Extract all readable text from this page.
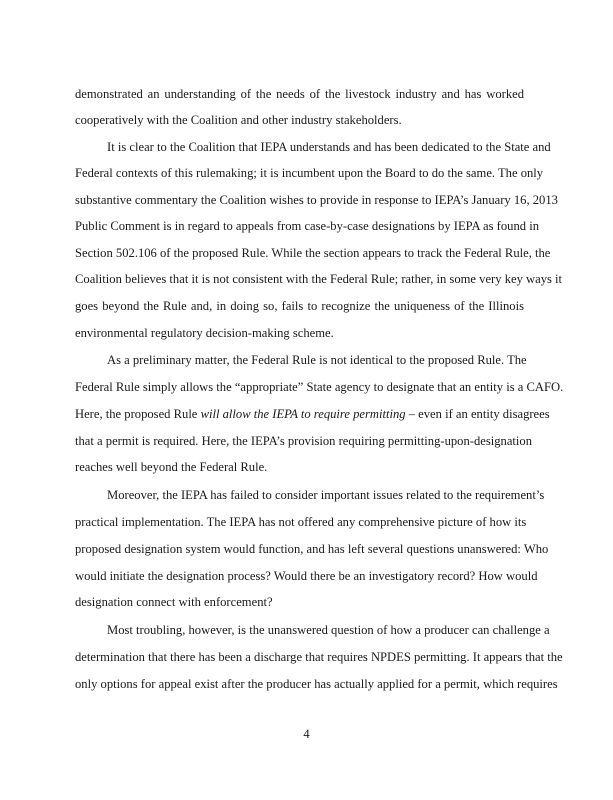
demonstrated an understanding of the needs of the livestock industry and has worked

cooperatively with the Coalition and other industry stakeholders.

It is clear to the Coalition that IEPA understands and has been dedicated to the State and

Federal contexts of this rulemaking; it is incumbent upon the Board to do the same. The only

substantive commentary the Coalition wishes to provide in response to IEPA’s January 16, 2013

Public Comment is in regard to appeals from case-by-case designations by IEPA as found in

Section 502.106 of the proposed Rule. While the section appears to track the Federal Rule, the

Coalition believes that it is not consistent with the Federal Rule; rather, in some very key ways it

goes beyond the Rule and, in doing so, fails to recognize the uniqueness of the Illinois

environmental regulatory decision-making scheme.

As a preliminary matter, the Federal Rule is not identical to the proposed Rule. The

Federal Rule simply allows the “appropriate” State agency to designate that an entity is a CAFO.

Here, the proposed Rule will allow the IEPA to require permitting – even if an entity disagrees

that a permit is required. Here, the IEPA’s provision requiring permitting-upon-designation

reaches well beyond the Federal Rule.

Moreover, the IEPA has failed to consider important issues related to the requirement’s

practical implementation. The IEPA has not offered any comprehensive picture of how its

proposed designation system would function, and has left several questions unanswered: Who

would initiate the designation process? Would there be an investigatory record? How would

designation connect with enforcement?

Most troubling, however, is the unanswered question of how a producer can challenge a

determination that there has been a discharge that requires NPDES permitting. It appears that the

only options for appeal exist after the producer has actually applied for a permit, which requires

4
